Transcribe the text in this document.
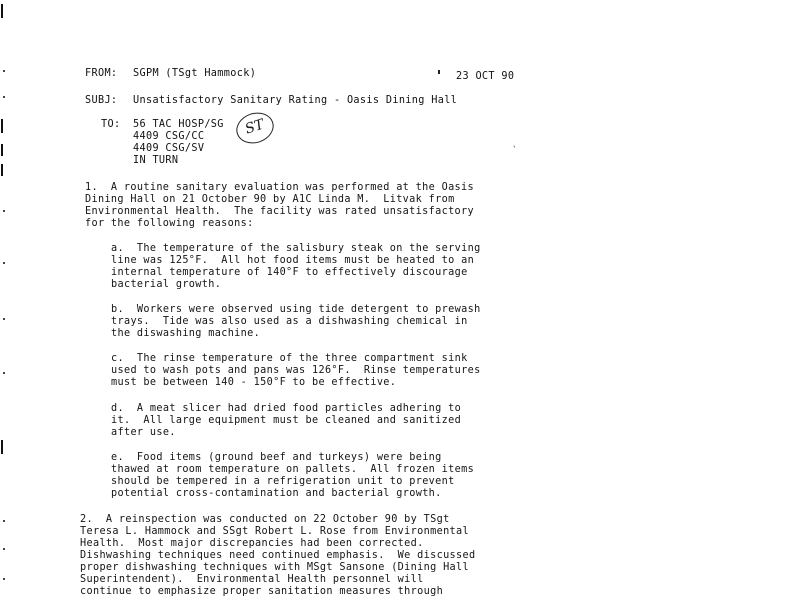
FROM: SGPM (TSgt Hammock)	23 OCT 90
SUBJ: Unsatisfactory Sanitary Rating - Oasis Dining Hall
TO: 56 TAC HOSP/SG
4409 CSG/CC
4409 CSG/SV
IN TURN
ST
`
1.  A routine sanitary evaluation was performed at the Oasis
Dining Hall on 21 October 90 by A1C Linda M.  Litvak from
Environmental Health.  The facility was rated unsatisfactory
for the following reasons:
a.  The temperature of the salisbury steak on the serving
line was 125°F.  All hot food items must be heated to an
internal temperature of 140°F to effectively discourage
bacterial growth.
b.  Workers were observed using tide detergent to prewash
trays.  Tide was also used as a dishwashing chemical in
the diswashing machine.
c.  The rinse temperature of the three compartment sink
used to wash pots and pans was 126°F.  Rinse temperatures
must be between 140 - 150°F to be effective.
d.  A meat slicer had dried food particles adhering to
it.  All large equipment must be cleaned and sanitized
after use.
e.  Food items (ground beef and turkeys) were being
thawed at room temperature on pallets.  All frozen items
should be tempered in a refrigeration unit to prevent
potential cross-contamination and bacterial growth.
2.  A reinspection was conducted on 22 October 90 by TSgt
Teresa L. Hammock and SSgt Robert L. Rose from Environmental
Health.  Most major discrepancies had been corrected.
Dishwashing techniques need continued emphasis.  We discussed
proper dishwashing techniques with MSgt Sansone (Dining Hall
Superintendent).  Environmental Health personnel will
continue to emphasize proper sanitation measures through
